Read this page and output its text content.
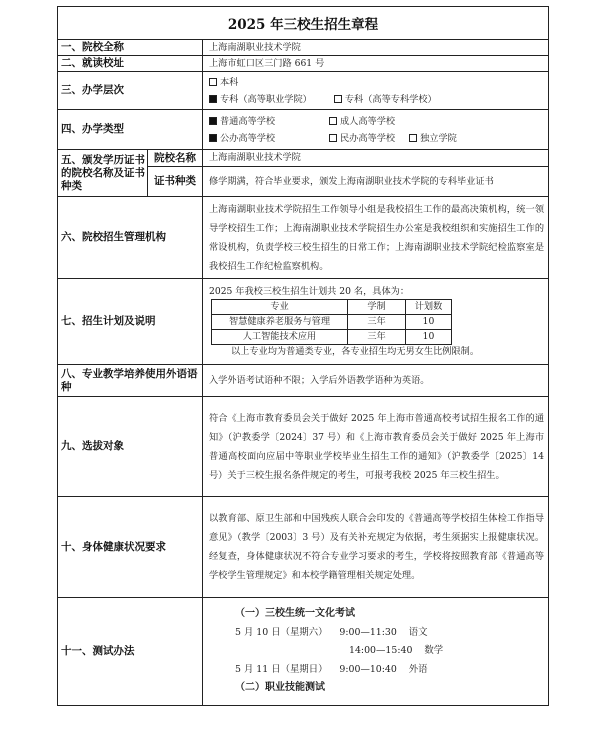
2025 年三校生招生章程
一、院校全称	上海南湖职业技术学院
二、就读校址	上海市虹口区三门路 661 号
三、办学层次	
本科
专科（高等职业学院）	专科（高等专科学校）

四、办学类型	
普通高等学校	成人高等学校
公办高等学校	民办高等学校	独立学院

五、颁发学历证书的院校名称及证书种类	院校名称	上海南湖职业技术学院
证书种类	修学期满，符合毕业要求，颁发上海南湖职业技术学院的专科毕业证书
六、院校招生管理机构	上海南湖职业技术学院招生工作领导小组是我校招生工作的最高决策机构，统一领导学校招生工作；上海南湖职业技术学院招生办公室是我校组织和实施招生工作的常设机构，负责学校三校生招生的日常工作；上海南湖职业技术学院纪检监察室是我校招生工作纪检监察机构。
七、招生计划及说明	
2025 年我校三校生招生计划共 20 名，具体为：
专业	学制	计划数
智慧健康养老服务与管理	三年	10
人工智能技术应用	三年	10
以上专业均为普通类专业，各专业招生均无男女生比例限制。

八、专业教学培养使用外语语种	入学外语考试语种不限；入学后外语教学语种为英语。
九、选拔对象	符合《上海市教育委员会关于做好 2025 年上海市普通高校考试招生报名工作的通知》（沪教委学〔2024〕37 号）和《上海市教育委员会关于做好 2025 年上海市普通高校面向应届中等职业学校毕业生招生工作的通知》（沪教委学〔2025〕14 号）关于三校生报名条件规定的考生，可报考我校 2025 年三校生招生。
十、身体健康状况要求	以教育部、原卫生部和中国残疾人联合会印发的《普通高等学校招生体检工作指导意见》（教学〔2003〕3 号）及有关补充规定为依据，考生须据实上报健康状况。经复查，身体健康状况不符合专业学习要求的考生，学校将按照教育部《普通高等学校学生管理规定》和本校学籍管理相关规定处理。
十一、测试办法	
（一）三校生统一文化考试
5 月 10 日（星期六） 9:00—11:30 语文
14:00—15:40 数学
5 月 11 日（星期日） 9:00—10:40 外语
（二）职业技能测试
